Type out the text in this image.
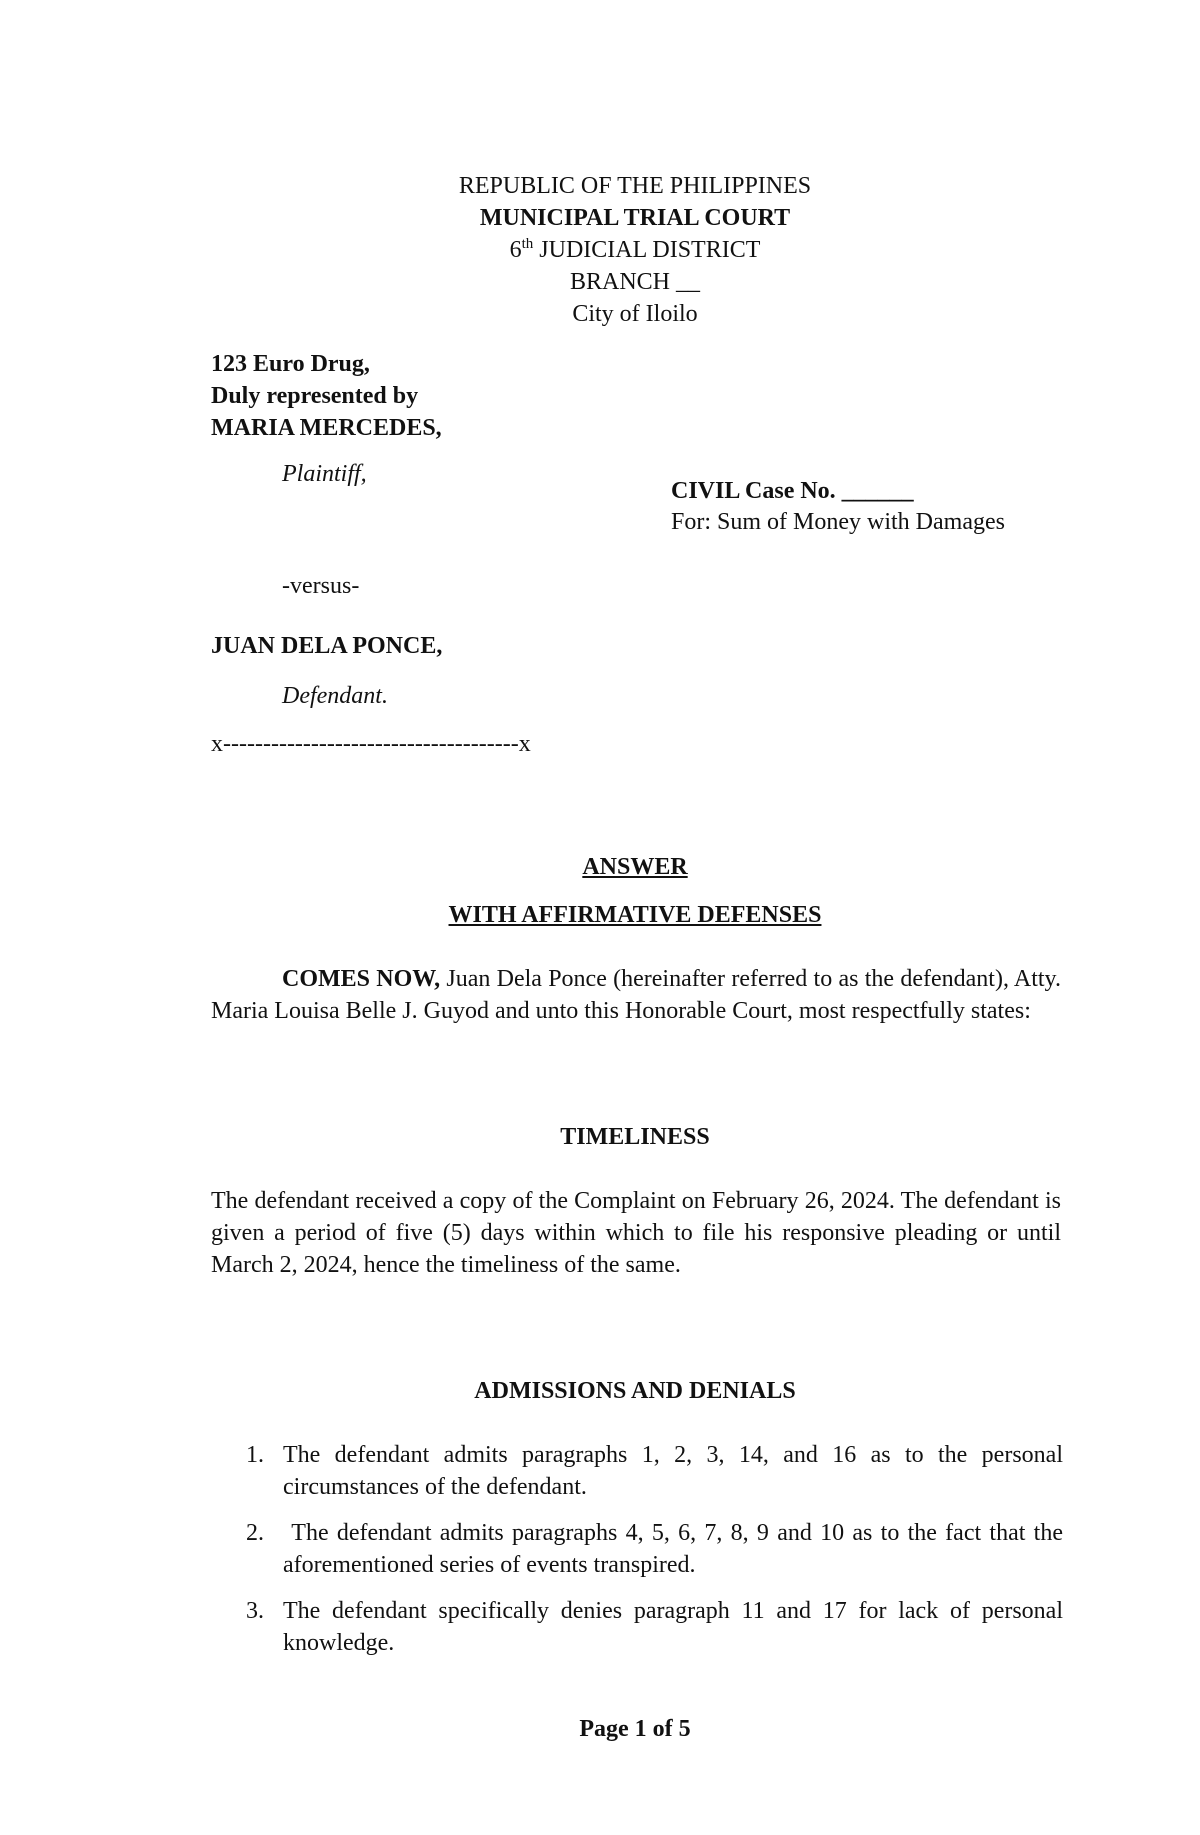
REPUBLIC OF THE PHILIPPINES
MUNICIPAL TRIAL COURT
6th JUDICIAL DISTRICT
BRANCH __
City of Iloilo
123 Euro Drug,
Duly represented by
MARIA MERCEDES,
Plaintiff,
CIVIL Case No. ______
For: Sum of Money with Damages
-versus-
JUAN DELA PONCE,
Defendant.
x-------------------------------------x
ANSWER
WITH AFFIRMATIVE DEFENSES
COMES NOW, Juan Dela Ponce (hereinafter referred to as the defendant), Atty. Maria Louisa Belle J. Guyod and unto this Honorable Court, most respectfully states:
TIMELINESS
The defendant received a copy of the Complaint on February 26, 2024. The defendant is given a period of five (5) days within which to file his responsive pleading or until March 2, 2024, hence the timeliness of the same.
ADMISSIONS AND DENIALS
1. The defendant admits paragraphs 1, 2, 3, 14, and 16 as to the personal circumstances of the defendant.
2. The defendant admits paragraphs 4, 5, 6, 7, 8, 9 and 10 as to the fact that the aforementioned series of events transpired.
3. The defendant specifically denies paragraph 11 and 17 for lack of personal knowledge.
Page 1 of 5
